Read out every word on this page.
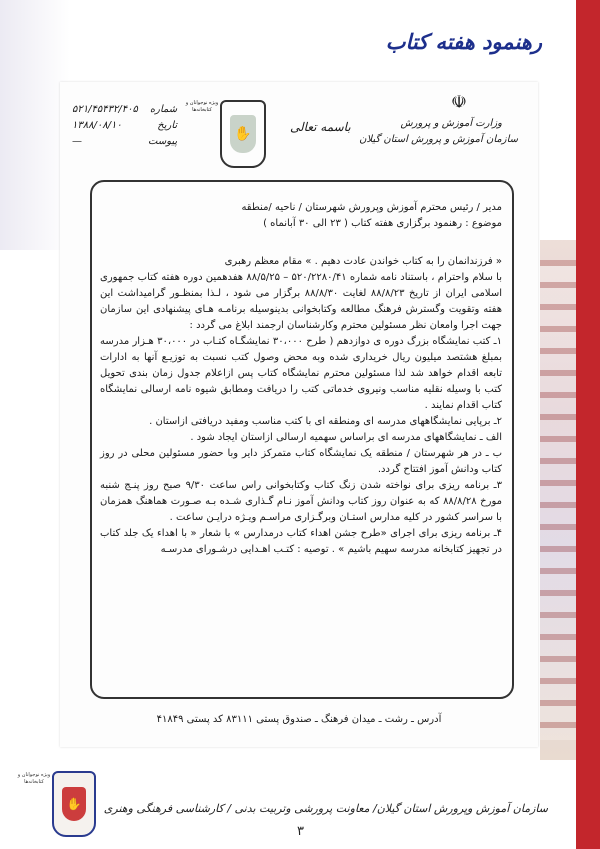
رهنمود هفته کتاب
☫

وزارت آموزش و پرورش

سازمان آموزش و پرورش استان گیلان

باسمه تعالی

✋

ویژه نوجوانان و کتابخانه‌ها

شماره
تاریخ
پیوست
۵۲۱/۴۵۴۳۲/۴۰۵
۱۳۸۸/۰۸/۱۰
—

مدیر / رئیس محترم آموزش وپرورش شهرستان / ناحیه /منطقه

موضوع : رهنمود برگزاری هفته کتاب ( ۲۳ الی ۳۰ آبانماه )

« فرزندانمان را به کتاب خواندن عادت دهیم . » مقام معظم رهبری

با سلام واحترام ، باستناد نامه شماره ۵۲۰/۲۲۸۰/۴۱ – ۸۸/۵/۲۵ هفدهمین دوره هفته کتاب جمهوری اسلامی ایران از تاریخ ۸۸/۸/۲۳ لغایت ۸۸/۸/۳۰ برگزار می شود ، لـذا بمنظـور گرامیداشت این هفته وتقویت وگسترش فرهنگ مطالعه وکتابخوانی بدینوسیله برنامـه هـای پیشنهادی این سازمان جهت اجرا وامعان نظر مسئولین محترم وکارشناسان ارجمند ابلاغ می گردد :

۱ـ کتب نمایشگاه بزرگ دوره ی دوازدهم ( طرح ۳۰،۰۰۰ نمایشگـاه کتـاب در ۳۰،۰۰۰ هـزار مدرسه بمبلغ هشتصد میلیون ریال خریداری شده وبه محض وصول کتب نسبت به توزیـع آنها به ادارات تابعه اقدام خواهد شد لذا مسئولین محترم نمایشگاه کتاب پس ازاعلام جدول زمان بندی تحویل کتب با وسیله نقلیه مناسب ونیروی خدماتی کتب را دریافت ومطابق شیوه نامه ارسالی نمایشگاه کتاب اقدام نمایند .

۲ـ برپایی نمایشگاههای مدرسه ای ومنطقه ای با کتب مناسب ومفید دریافتی ازاستان .

الف ـ نمایشگاههای مدرسه ای براساس سهمیه ارسالی ازاستان ایجاد شود .

ب ـ در هر شهرستان / منطقه یک نمایشگاه کتاب متمرکز دایر وبا حضور مسئولین محلی در روز کتاب ودانش آموز افتتاح گردد.

۳ـ برنامه ریزی برای نواخته شدن زنگ کتاب وکتابخوانی راس ساعت ۹/۳۰ صبح روز پنـج شنبه مورخ ۸۸/۸/۲۸ که به عنوان روز کتاب ودانش آموز نـام گـذاری شـده بـه صـورت هماهنگ همزمان با سراسر کشور در کلیه مدارس استـان وبرگـزاری مراسـم ویـژه درایـن ساعت .

۴ـ برنامه ریزی برای اجرای «طرح جشن اهداء کتاب درمدارس » با شعار « با اهداء یک جلد کتاب در تجهیز کتابخانه مدرسه سهیم باشیم » . توصیه : کتـب اهـدایی درشـورای مدرسـه

آدرس ـ رشت ـ میدان فرهنگ ـ صندوق پستی ۸۳۱۱۱ کد پستی ۴۱۸۴۹

✋

ویژه نوجوانان و کتابخانه‌ها

سازمان آموزش وپرورش استان گیلان/ معاونت پرورشی وتربیت بدنی / کارشناسی فرهنگی وهنری

۳
